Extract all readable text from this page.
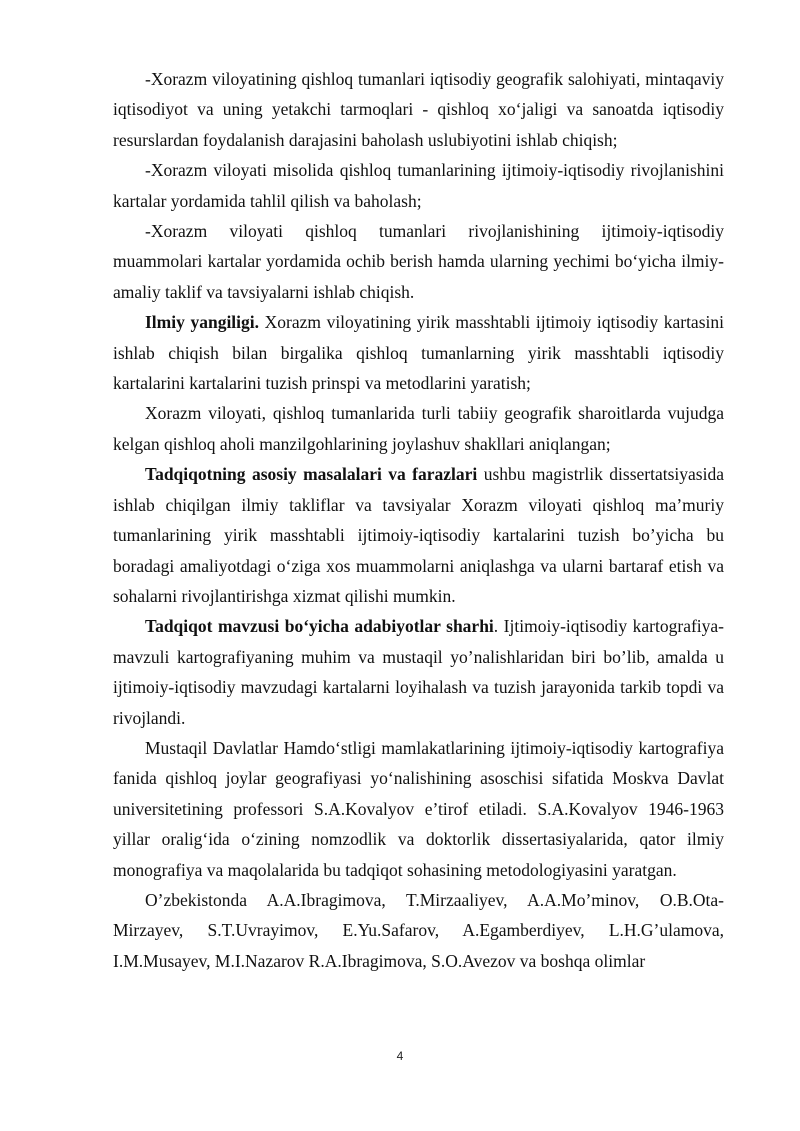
-Xorazm viloyatining qishloq tumanlari iqtisodiy geografik salohiyati, mintaqaviy iqtisodiyot va uning yetakchi tarmoqlari - qishloq xo‘jaligi va sanoatda iqtisodiy resurslardan foydalanish darajasini baholash uslubiyotini ishlab chiqish;

-Xorazm viloyati misolida qishloq tumanlarining ijtimoiy-iqtisodiy rivojlanishini kartalar yordamida tahlil qilish va baholash;

-Xorazm viloyati qishloq tumanlari rivojlanishining ijtimoiy-iqtisodiy muammolari kartalar yordamida ochib berish hamda ularning yechimi bo‘yicha ilmiy- amaliy taklif va tavsiyalarni ishlab chiqish.

Ilmiy yangiligi. Xorazm viloyatining yirik masshtabli ijtimoiy iqtisodiy kartasini ishlab chiqish bilan birgalika qishloq tumanlarning yirik masshtabli iqtisodiy kartalarini kartalarini tuzish prinspi va metodlarini yaratish;

Xorazm viloyati, qishloq tumanlarida turli tabiiy geografik sharoitlarda vujudga kelgan qishloq aholi manzilgohlarining joylashuv shakllari aniqlangan;

Tadqiqotning asosiy masalalari va farazlari ushbu magistrlik dissertatsiyasida ishlab chiqilgan ilmiy takliflar va tavsiyalar Xorazm viloyati qishloq ma’muriy tumanlarining yirik masshtabli ijtimoiy-iqtisodiy kartalarini tuzish bo’yicha bu boradagi amaliyotdagi o‘ziga xos muammolarni aniqlashga va ularni bartaraf etish va sohalarni rivojlantirishga xizmat qilishi mumkin.

Tadqiqot mavzusi bo‘yicha adabiyotlar sharhi. Ijtimoiy-iqtisodiy kartografiya-mavzuli kartografiyaning muhim va mustaqil yo’nalishlaridan biri bo’lib, amalda u ijtimoiy-iqtisodiy mavzudagi kartalarni loyihalash va tuzish jarayonida tarkib topdi va rivojlandi.

Mustaqil Davlatlar Hamdo‘stligi mamlakatlarining ijtimoiy-iqtisodiy kartografiya fanida qishloq joylar geografiyasi yo‘nalishining asoschisi sifatida Moskva Davlat universitetining professori S.A.Kovalyov e’tirof etiladi. S.A.Kovalyov 1946-1963 yillar oralig‘ida o‘zining nomzodlik va doktorlik dissertasiyalarida, qator ilmiy monografiya va maqolalarida bu tadqiqot sohasining metodologiyasini yaratgan.

O’zbekistonda A.A.Ibragimova, T.Mirzaaliyev, A.A.Mo’minov, O.B.Ota-Mirzayev, S.T.Uvrayimov, E.Yu.Safarov, A.Egamberdiyev, L.H.G’ulamova, I.M.Musayev, M.I.Nazarov R.A.Ibragimova, S.O.Avezov va boshqa olimlar

4
